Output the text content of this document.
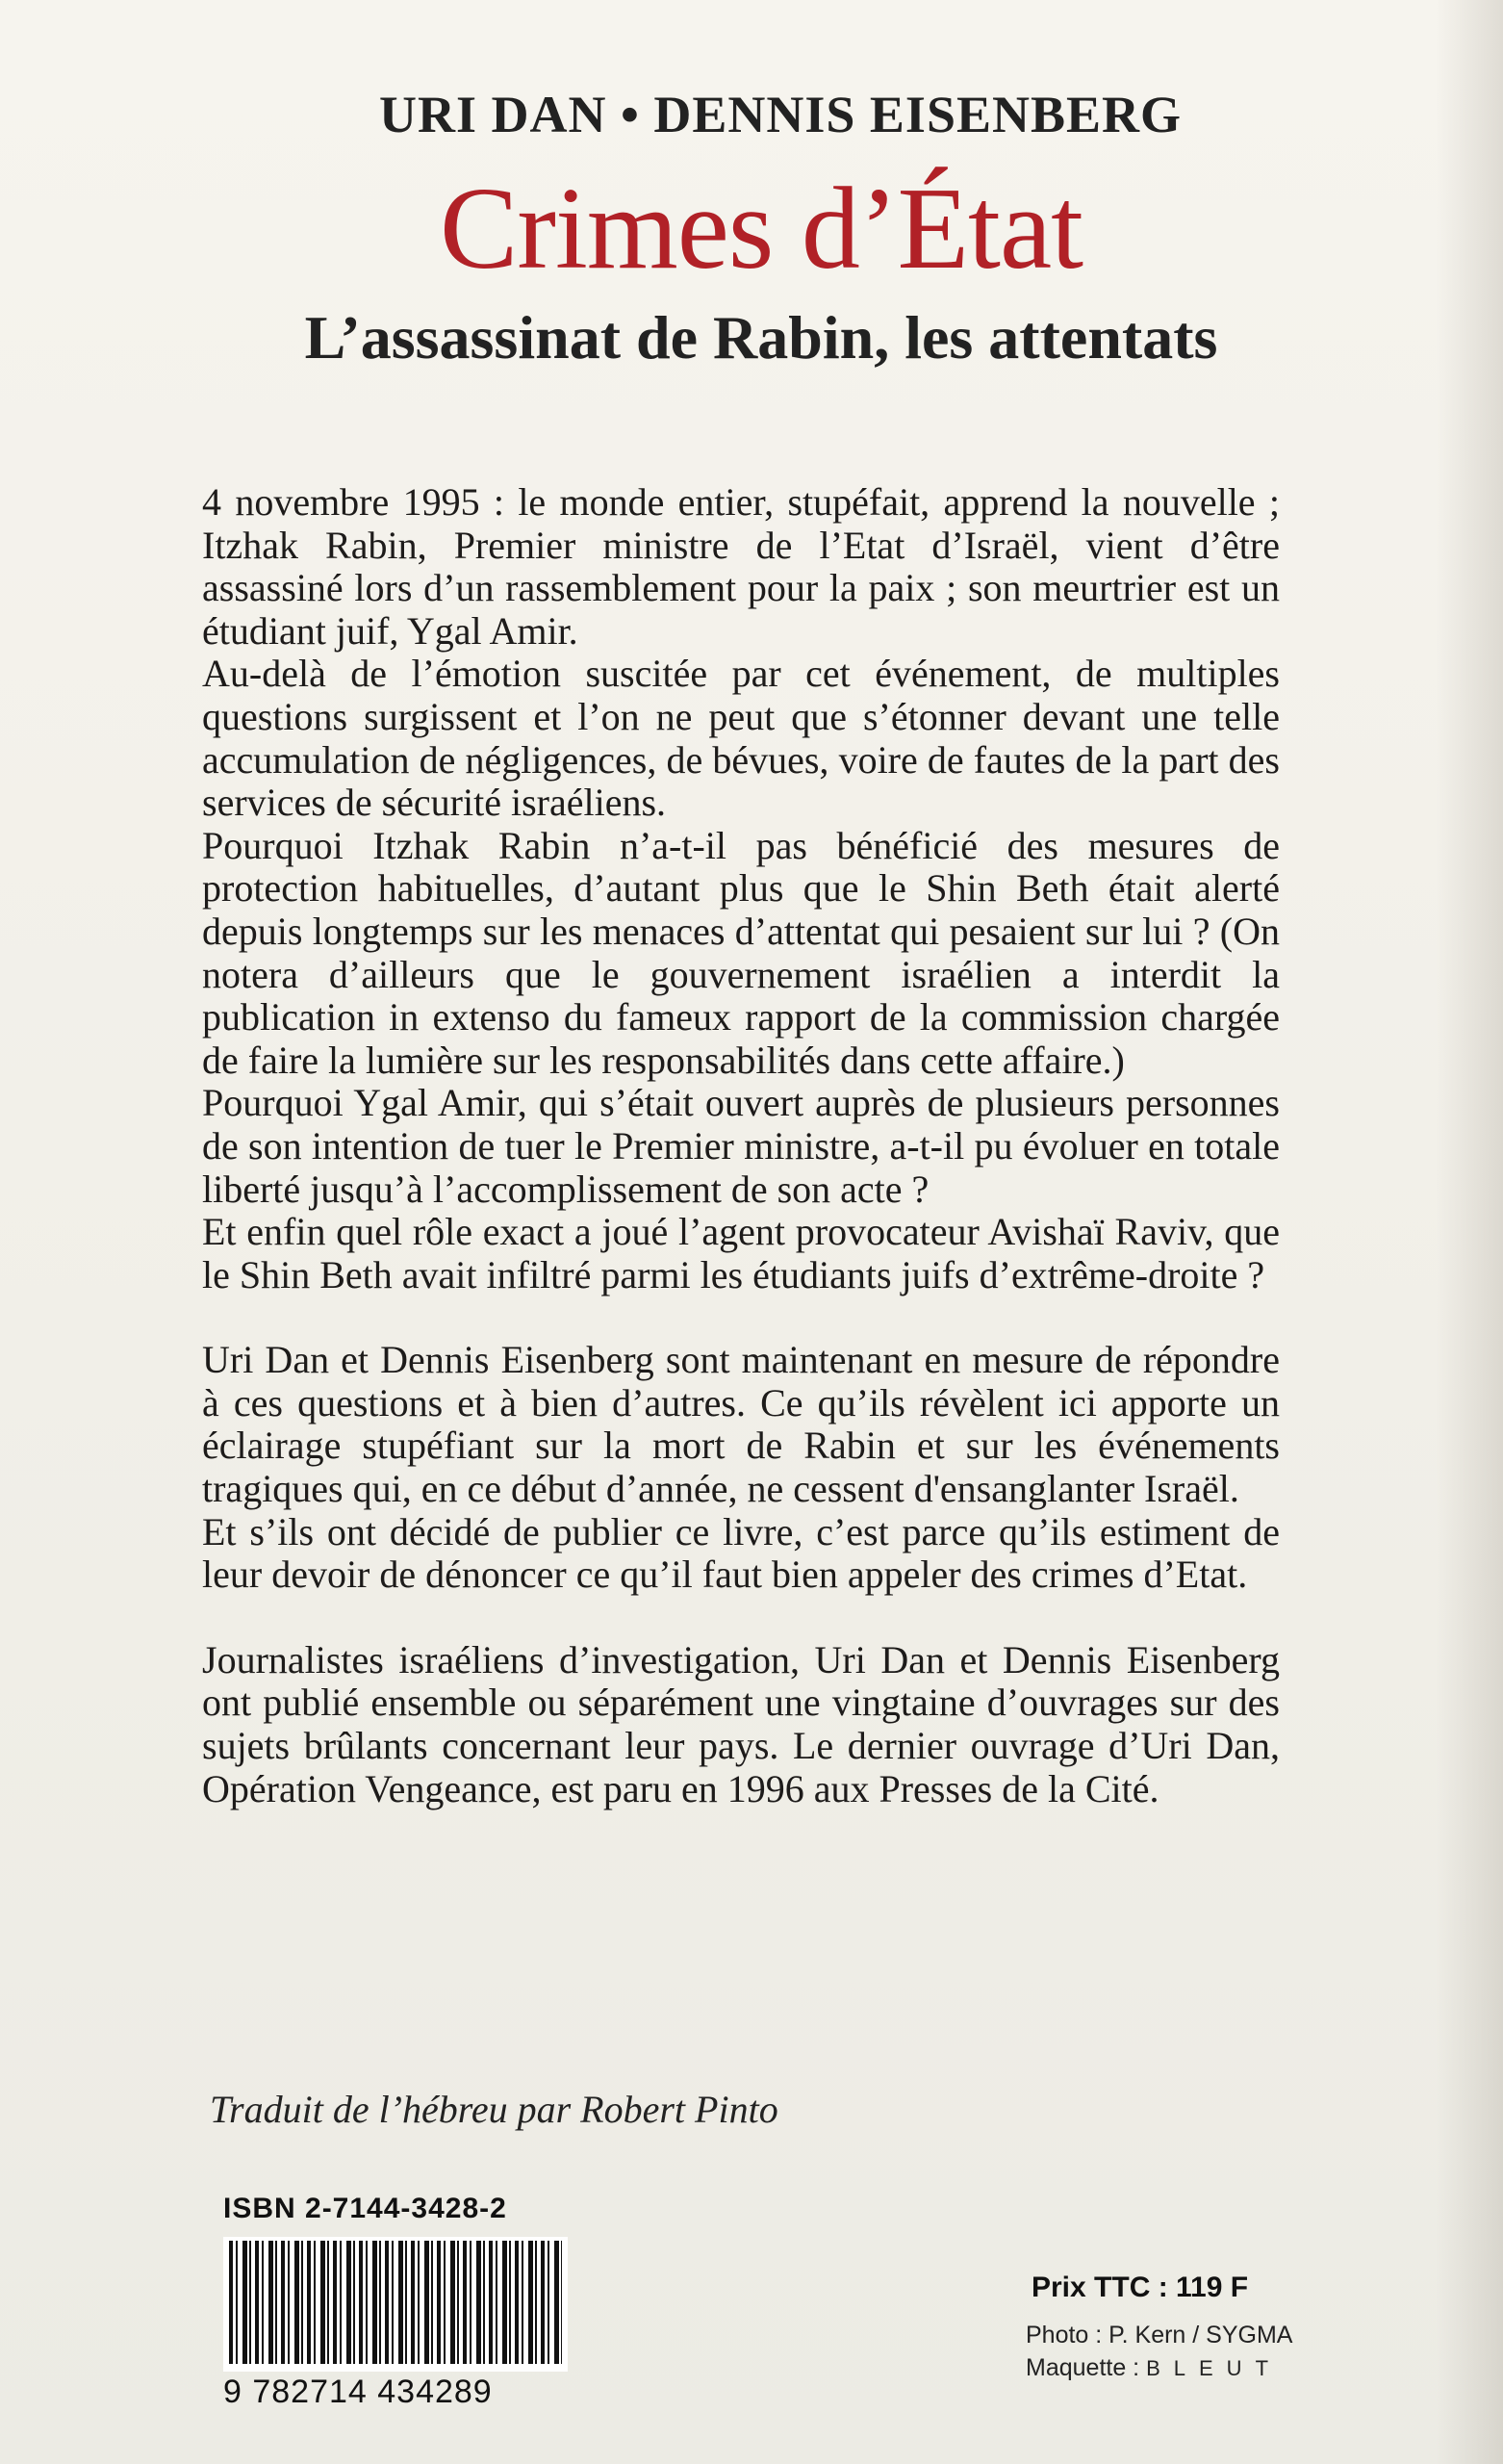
URI DAN • DENNIS EISENBERG
Crimes d’État
L’assassinat de Rabin, les attentats

4 novembre 1995 : le monde entier, stupéfait, apprend la nouvelle ; Itzhak Rabin, Premier ministre de l’Etat d’Israël, vient d’être assassiné lors d’un rassemblement pour la paix ; son meurtrier est un étudiant juif, Ygal Amir.

Au-delà de l’émotion suscitée par cet événement, de multiples questions surgissent et l’on ne peut que s’étonner devant une telle accumulation de négligences, de bévues, voire de fautes de la part des services de sécurité israéliens.

Pourquoi Itzhak Rabin n’a-t-il pas bénéficié des mesures de protection habituelles, d’autant plus que le Shin Beth était alerté depuis longtemps sur les menaces d’attentat qui pesaient sur lui ? (On notera d’ailleurs que le gouvernement israélien a interdit la publication in extenso du fameux rapport de la commission chargée de faire la lumière sur les responsabilités dans cette affaire.)

Pourquoi Ygal Amir, qui s’était ouvert auprès de plusieurs personnes de son intention de tuer le Premier ministre, a-t-il pu évoluer en totale liberté jusqu’à l’accomplissement de son acte ?

Et enfin quel rôle exact a joué l’agent provocateur Avishaï Raviv, que le Shin Beth avait infiltré parmi les étudiants juifs d’extrême-droite ?

Uri Dan et Dennis Eisenberg sont maintenant en mesure de répondre à ces questions et à bien d’autres. Ce qu’ils révèlent ici apporte un éclairage stupéfiant sur la mort de Rabin et sur les événements tragiques qui, en ce début d’année, ne cessent d'ensanglanter Israël.

Et s’ils ont décidé de publier ce livre, c’est parce qu’ils estiment de leur devoir de dénoncer ce qu’il faut bien appeler des crimes d’Etat.

Journalistes israéliens d’investigation, Uri Dan et Dennis Eisenberg ont publié ensemble ou séparément une vingtaine d’ouvrages sur des sujets brûlants concernant leur pays. Le dernier ouvrage d’Uri Dan, Opération Vengeance, est paru en 1996 aux Presses de la Cité.

Traduit de l’hébreu par Robert Pinto
ISBN 2-7144-3428-2
9 782714 434289
Prix TTC : 119 F
Photo : P. Kern / SYGMA
Maquette : BLEUT
